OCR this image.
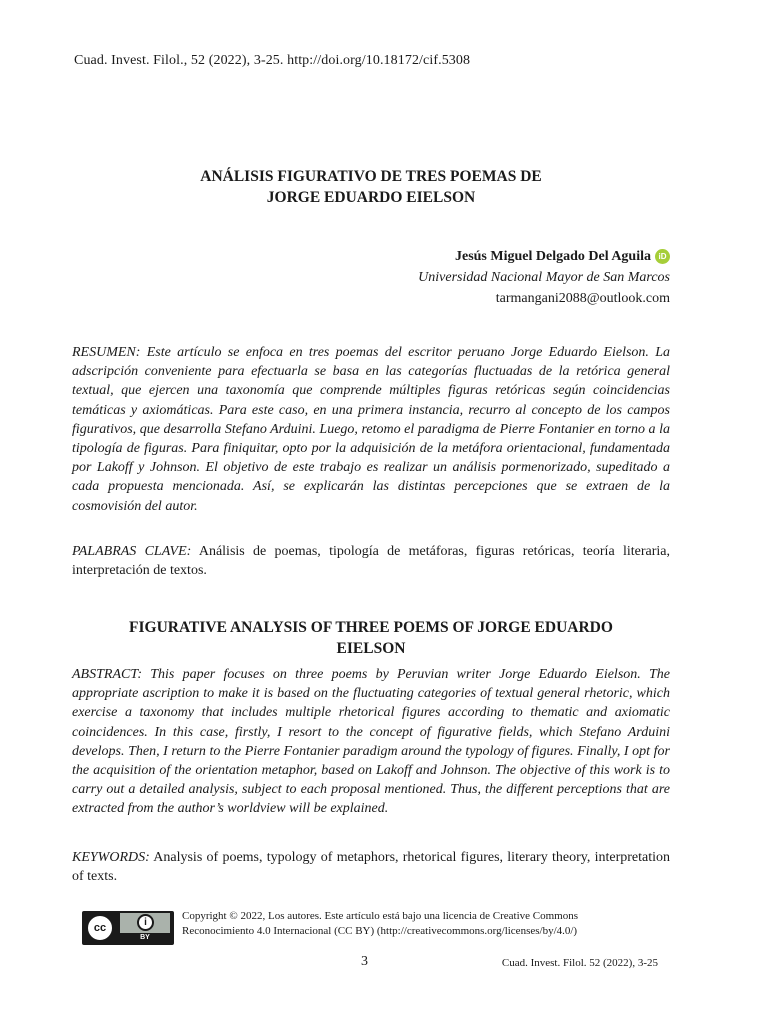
Cuad. Invest. Filol., 52 (2022), 3-25. http://doi.org/10.18172/cif.5308
ANÁLISIS FIGURATIVO DE TRES POEMAS DE
JORGE EDUARDO EIELSON
Jesús Miguel Delgado Del Aguila iD
Universidad Nacional Mayor de San Marcos
tarmangani2088@outlook.com
RESUMEN: Este artículo se enfoca en tres poemas del escritor peruano Jorge Eduardo Eielson. La adscripción conveniente para efectuarla se basa en las categorías fluctuadas de la retórica general textual, que ejercen una taxonomía que comprende múltiples figuras retóricas según coincidencias temáticas y axiomáticas. Para este caso, en una primera instancia, recurro al concepto de los campos figurativos, que desarrolla Stefano Arduini. Luego, retomo el paradigma de Pierre Fontanier en torno a la tipología de figuras. Para finiquitar, opto por la adquisición de la metáfora orientacional, fundamentada por Lakoff y Johnson. El objetivo de este trabajo es realizar un análisis pormenorizado, supeditado a cada propuesta mencionada. Así, se explicarán las distintas percepciones que se extraen de la cosmovisión del autor.
PALABRAS CLAVE: Análisis de poemas, tipología de metáforas, figuras retóricas, teoría literaria, interpretación de textos.
FIGURATIVE ANALYSIS OF THREE POEMS OF JORGE EDUARDO
EIELSON
ABSTRACT: This paper focuses on three poems by Peruvian writer Jorge Eduardo Eielson. The appropriate ascription to make it is based on the fluctuating categories of textual general rhetoric, which exercise a taxonomy that includes multiple rhetorical figures according to thematic and axiomatic coincidences. In this case, firstly, I resort to the concept of figurative fields, which Stefano Arduini develops. Then, I return to the Pierre Fontanier paradigm around the typology of figures. Finally, I opt for the acquisition of the orientation metaphor, based on Lakoff and Johnson. The objective of this work is to carry out a detailed analysis, subject to each proposal mentioned. Thus, the different perceptions that are extracted from the author’s worldview will be explained.
KEYWORDS: Analysis of poems, typology of metaphors, rhetorical figures, literary theory, interpretation of texts.
cc	i
BY
Copyright © 2022, Los autores. Este artículo está bajo una licencia de Creative Commons
Reconocimiento 4.0 Internacional (CC BY) (http://creativecommons.org/licenses/by/4.0/)
3	Cuad. Invest. Filol. 52 (2022), 3-25
